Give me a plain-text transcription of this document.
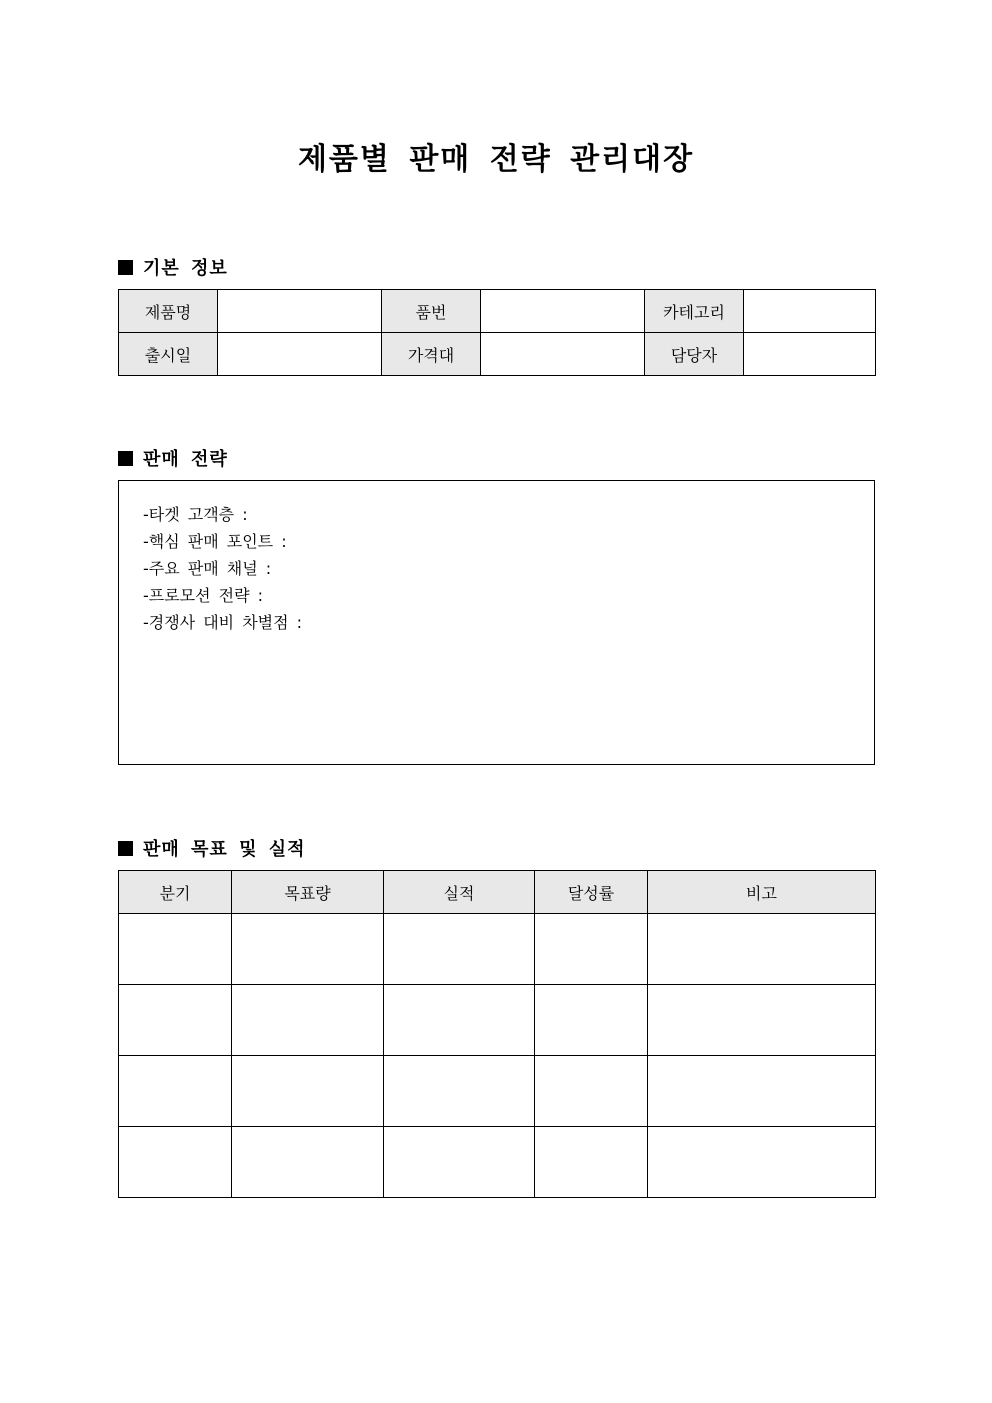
제품별 판매 전략 관리대장
기본 정보
제품명		품번		카테고리	
출시일		가격대		담당자	
판매 전략
-타겟 고객층 :
-핵심 판매 포인트 :
-주요 판매 채널 :
-프로모션 전략 :
-경쟁사 대비 차별점 :
판매 목표 및 실적
분기	목표량	실적	달성률	비고
